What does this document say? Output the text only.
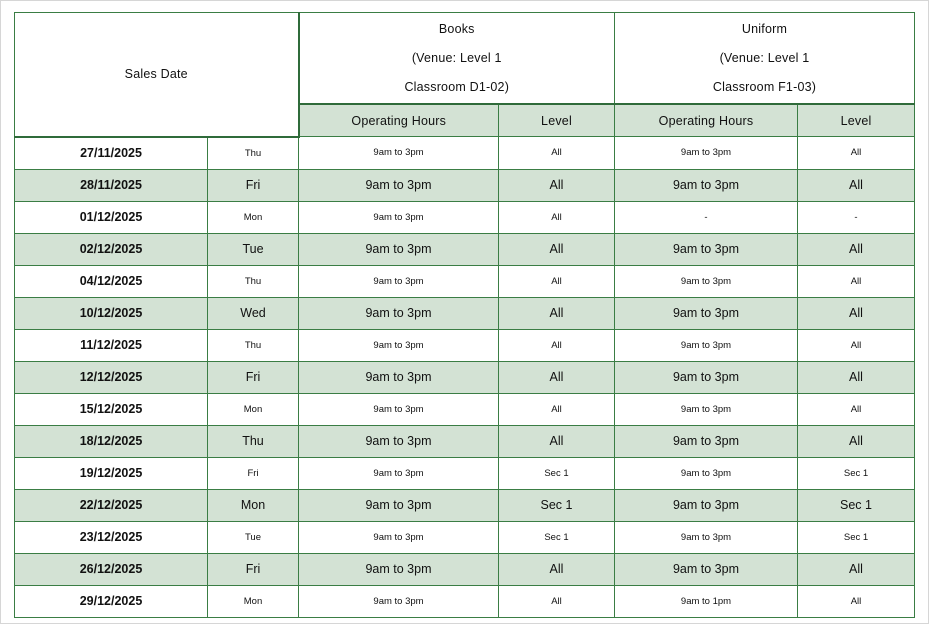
Sales Date		Books
(Venue: Level 1
Classroom D1-02)		Uniform
(Venue: Level 1
Classroom F1-03)	

		Operating Hours	Level	Operating Hours	Level
27/11/2025	Thu	9am to 3pm	All	9am to 3pm	All
28/11/2025	Fri	9am to 3pm	All	9am to 3pm	All
01/12/2025	Mon	9am to 3pm	All	-	-
02/12/2025	Tue	9am to 3pm	All	9am to 3pm	All
04/12/2025	Thu	9am to 3pm	All	9am to 3pm	All
10/12/2025	Wed	9am to 3pm	All	9am to 3pm	All
11/12/2025	Thu	9am to 3pm	All	9am to 3pm	All
12/12/2025	Fri	9am to 3pm	All	9am to 3pm	All
15/12/2025	Mon	9am to 3pm	All	9am to 3pm	All
18/12/2025	Thu	9am to 3pm	All	9am to 3pm	All
19/12/2025	Fri	9am to 3pm	Sec 1	9am to 3pm	Sec 1
22/12/2025	Mon	9am to 3pm	Sec 1	9am to 3pm	Sec 1
23/12/2025	Tue	9am to 3pm	Sec 1	9am to 3pm	Sec 1
26/12/2025	Fri	9am to 3pm	All	9am to 3pm	All
29/12/2025	Mon	9am to 3pm	All	9am to 1pm	All
